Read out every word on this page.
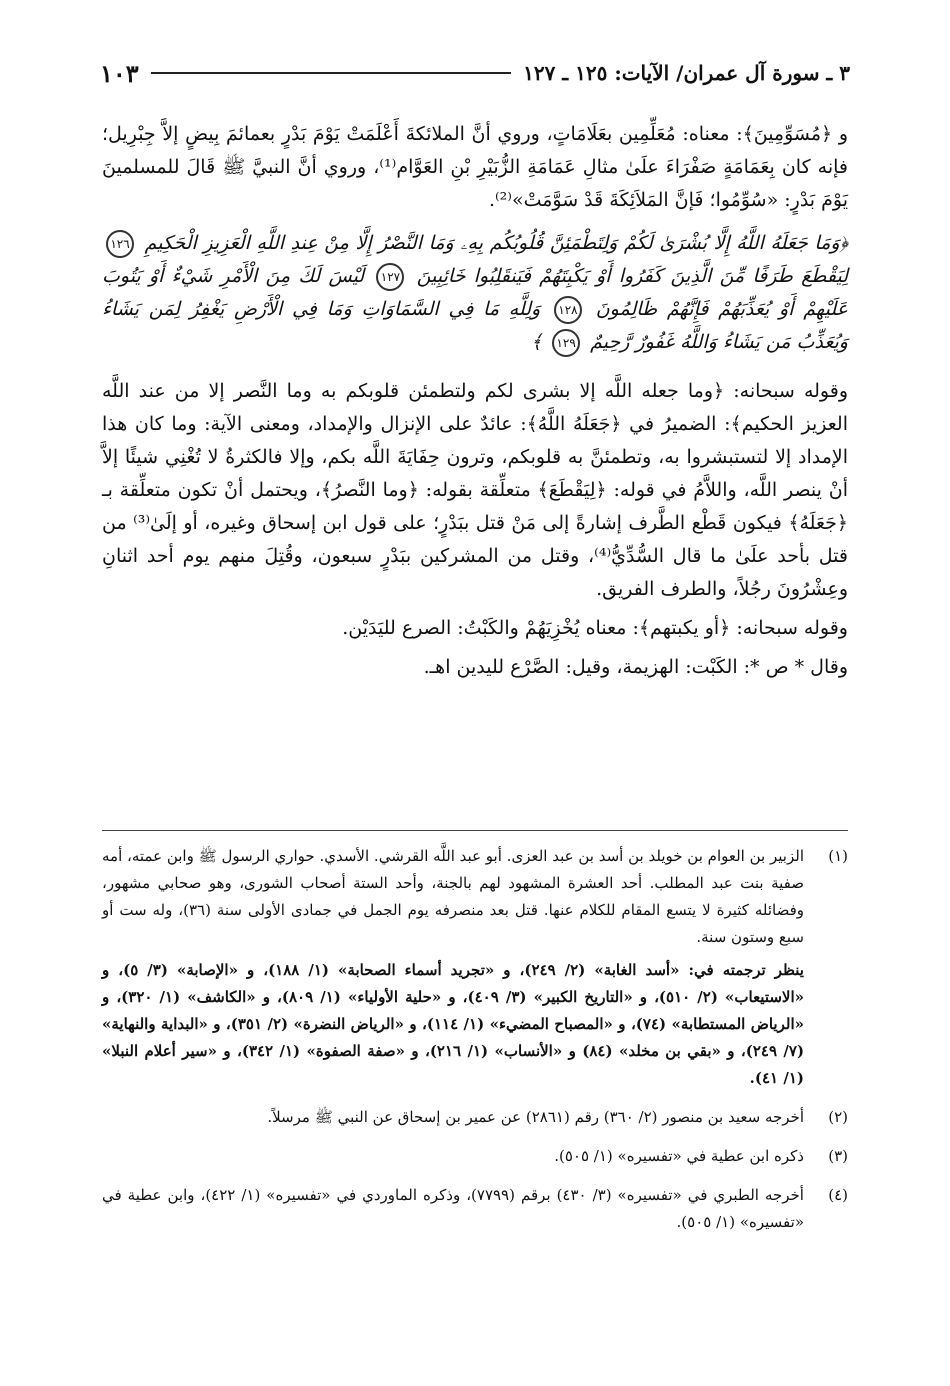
٣ ـ سورة آل عمران/ الآيات: ١٢٥ ـ ١٢٧
١٠٣

و ﴿مُسَوِّمِينَ﴾: معناه: مُعَلِّمِين بعَلَامَاتٍ، وروي أنَّ الملائكةَ أَعْلَمَتْ يَوْمَ بَدْرٍ بعمائمَ بِيضٍ إلاَّ جِبْرِيل؛ فإنه كان بِعَمَامَةٍ صَفْرَاءَ علَىٰ مثالِ عَمَامَةِ الزُّبَيْرِ بْنِ العَوَّام⁽¹⁾، وروي أنَّ النبيَّ ﷺ قَالَ للمسلمينَ يَوْمَ بَدْرٍ: «سُوِّمُوا؛ فَإنَّ المَلاَئِكَةَ قَدْ سَوَّمَتْ»⁽²⁾.

﴿وَمَا جَعَلَهُ اللَّهُ إِلَّا بُشْرَىٰ لَكُمْ وَلِتَطْمَئِنَّ قُلُوبُكُم بِهِۦ وَمَا النَّصْرُ إِلَّا مِنْ عِندِ اللَّهِ الْعَزِيزِ الْحَكِيمِ ١٢٦ لِيَقْطَعَ طَرَفًا مِّنَ الَّذِينَ كَفَرُوا أَوْ يَكْبِتَهُمْ فَيَنقَلِبُوا خَائِبِينَ ١٢٧ لَيْسَ لَكَ مِنَ الْأَمْرِ شَيْءٌ أَوْ يَتُوبَ عَلَيْهِمْ أَوْ يُعَذِّبَهُمْ فَإِنَّهُمْ ظَالِمُونَ ١٢٨ وَلِلَّهِ مَا فِي السَّمَاوَاتِ وَمَا فِي الْأَرْضِ يَغْفِرُ لِمَن يَشَاءُ وَيُعَذِّبُ مَن يَشَاءُ وَاللَّهُ غَفُورٌ رَّحِيمٌ ١٢٩ ﴾

وقوله سبحانه: ﴿وما جعله اللَّه إلا بشرى لكم ولتطمئن قلوبكم به وما النَّصر إلا من عند اللَّه العزيز الحكيم﴾: الضميرُ في ﴿جَعَلَهُ اللَّهُ﴾: عائدٌ على الإنزال والإمداد، ومعنى الآية: وما كان هذا الإمداد إلا لتستبشروا به، وتطمئنَّ به قلوبكم، وترون حِفَايَةَ اللَّه بكم، وإلا فالكثرةُ لا تُغْنِي شيئًا إلاَّ أنْ ينصر اللَّه، واللاَّمُ في قوله: ﴿لِيَقْطَعَ﴾ متعلِّقة بقوله: ﴿وما النَّصرُ﴾، ويحتمل أنْ تكون متعلِّقة بـ ﴿جَعَلَهُ﴾ فيكون قَطْع الطَّرف إشارةً إلى مَنْ قتل ببَدْرٍ؛ على قول ابن إسحاق وغيره، أو إلَىٰ⁽³⁾ من قتل بأحد علَىٰ ما قال السُّدِّيُّ⁽⁴⁾، وقتل من المشركين ببَدْرٍ سبعون، وقُتِلَ منهم يوم أحد اثنانِ وعِشْرُونَ رجُلاً، والطرف الفريق.

وقوله سبحانه: ﴿أو يكبتهم﴾: معناه يُخْزِيَهُمْ والكَبْتُ: الصرع لليَدَيْن.

وقال * ص *: الكَبْت: الهزيمة، وقيل: الصَّرْع لليدين اهـ.

(١)

الزبير بن العوام بن خويلد بن أسد بن عبد العزى. أبو عبد اللَّه القرشي. الأسدي. حواري الرسول ﷺ وابن عمته، أمه صفية بنت عبد المطلب. أحد العشرة المشهود لهم بالجنة، وأحد الستة أصحاب الشورى، وهو صحابي مشهور، وفضائله كثيرة لا يتسع المقام للكلام عنها. قتل بعد منصرفه يوم الجمل في جمادى الأولى سنة (٣٦)، وله ست أو سبع وستون سنة.

ينظر ترجمته في: «أسد الغابة» (٢/ ٢٤٩)، و «تجريد أسماء الصحابة» (١/ ١٨٨)، و «الإصابة» (٣/ ٥)، و «الاستيعاب» (٢/ ٥١٠)، و «التاريخ الكبير» (٣/ ٤٠٩)، و «حلية الأولياء» (١/ ٨٠٩)، و «الكاشف» (١/ ٣٢٠)، و «الرياض المستطابة» (٧٤)، و «المصباح المضيء» (١/ ١١٤)، و «الرياض النضرة» (٢/ ٣٥١)، و «البداية والنهاية» (٧/ ٢٤٩)، و «بقي بن مخلد» (٨٤) و «الأنساب» (١/ ٢١٦)، و «صفة الصفوة» (١/ ٣٤٢)، و «سير أعلام النبلا» (١/ ٤١).

(٢)

أخرجه سعيد بن منصور (٢/ ٣٦٠) رقم (٢٨٦١) عن عمير بن إسحاق عن النبي ﷺ مرسلاً.

(٣)

ذكره ابن عطية في «تفسيره» (١/ ٥٠٥).

(٤)

أخرجه الطبري في «تفسيره» (٣/ ٤٣٠) برقم (٧٧٩٩)، وذكره الماوردي في «تفسيره» (١/ ٤٢٢)، وابن عطية في «تفسيره» (١/ ٥٠٥).
